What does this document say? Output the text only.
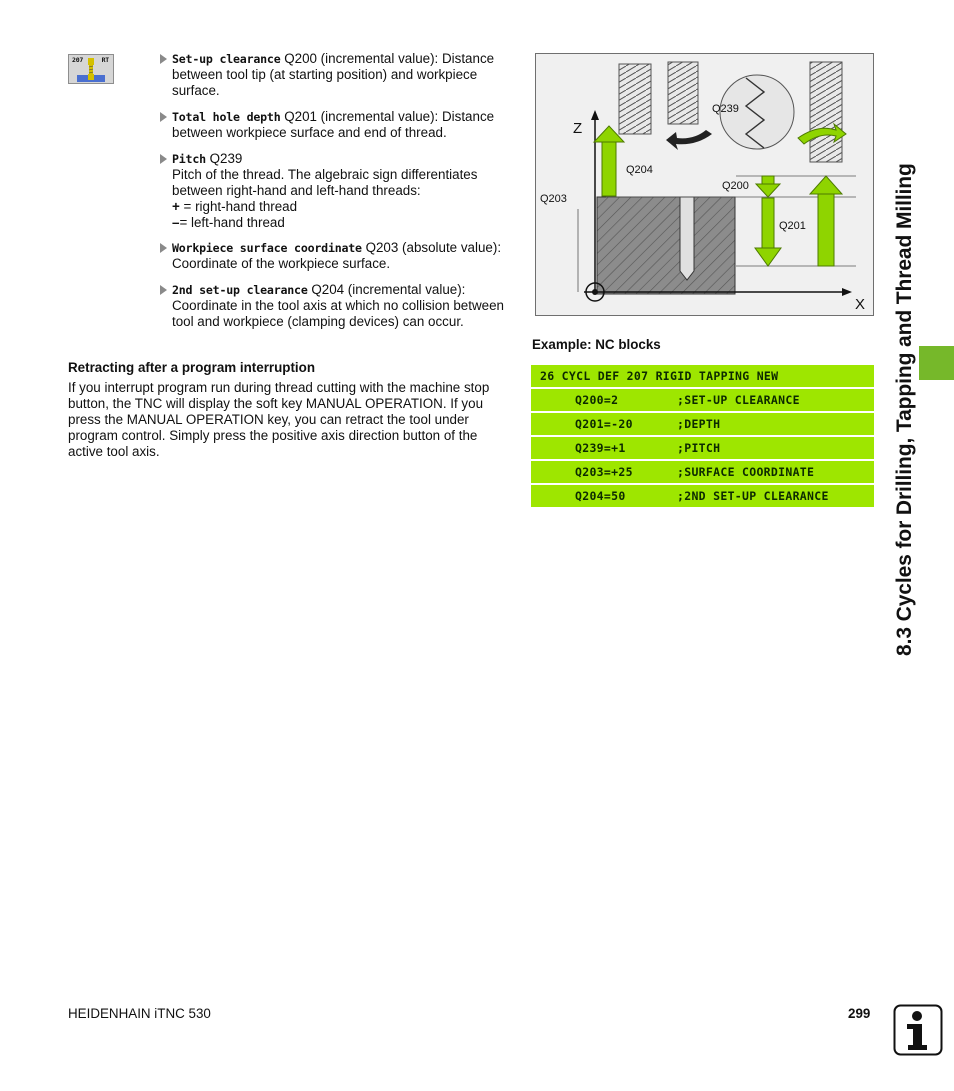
207	RT	Set-up clearance Q200 (incremental value): Distance between tool tip (at starting position) and workpiece surface.
Total hole depth Q201 (incremental value): Distance between workpiece surface and end of thread.
Pitch Q239
Pitch of the thread. The algebraic sign differentiates between right-hand and left-hand threads:
+ = right-hand thread
–= left-hand thread
Workpiece surface coordinate Q203 (absolute value): Coordinate of the workpiece surface.
2nd set-up clearance Q204 (incremental value): Coordinate in the tool axis at which no collision between tool and workpiece (clamping devices) can occur.
Retracting after a program interruption
If you interrupt program run during thread cutting with the machine stop button, the TNC will display the soft key MANUAL OPERATION. If you press the MANUAL OPERATION key, you can retract the tool under program control. Simply press the positive axis direction button of the active tool axis.
Z
X
Q239
Q204
Q200
Q203
Q201
Example: NC blocks
26 CYCL DEF 207 RIGID TAPPING NEW
Q200=2	;SET-UP CLEARANCE
Q201=-20	;DEPTH
Q239=+1	;PITCH
Q203=+25	;SURFACE COORDINATE
Q204=50	;2ND SET-UP CLEARANCE	8.3 Cycles for Drilling, Tapping and Thread Milling
HEIDENHAIN iTNC 530	299
